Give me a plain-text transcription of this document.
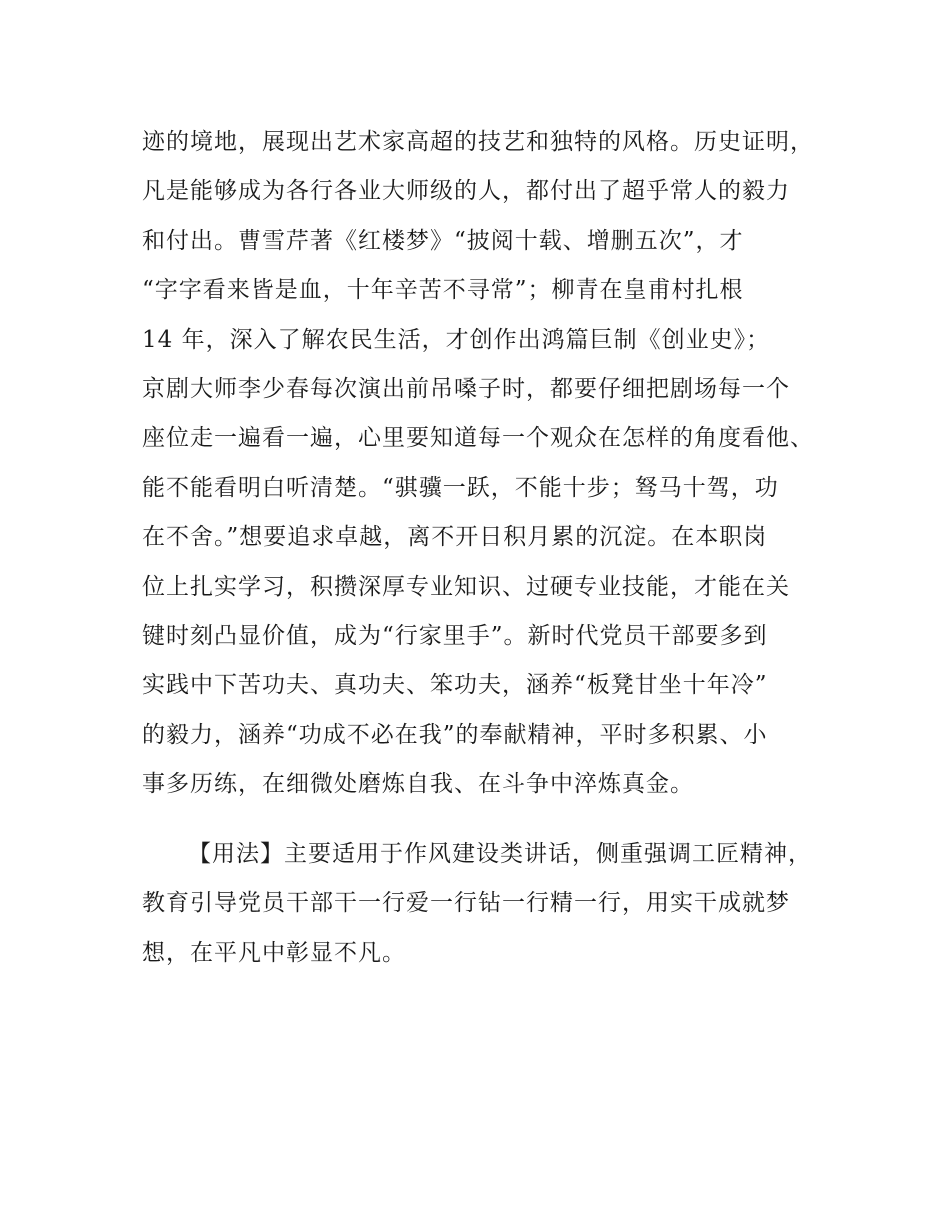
迹的境地，展现出艺术家高超的技艺和独特的风格。历史证明，
凡是能够成为各行各业大师级的人，都付出了超乎常人的毅力
和付出。曹雪芹著《红楼梦》“披阅十载、增删五次”，才
“字字看来皆是血，十年辛苦不寻常”；柳青在皇甫村扎根
14 年，深入了解农民生活，才创作出鸿篇巨制《创业史》；
京剧大师李少春每次演出前吊嗓子时，都要仔细把剧场每一个
座位走一遍看一遍，心里要知道每一个观众在怎样的角度看他、
能不能看明白听清楚。“骐骥一跃，不能十步；驽马十驾，功
在不舍。”想要追求卓越，离不开日积月累的沉淀。在本职岗
位上扎实学习，积攒深厚专业知识、过硬专业技能，才能在关
键时刻凸显价值，成为“行家里手”。新时代党员干部要多到
实践中下苦功夫、真功夫、笨功夫，涵养“板凳甘坐十年冷”
的毅力，涵养“功成不必在我”的奉献精神，平时多积累、小
事多历练，在细微处磨炼自我、在斗争中淬炼真金。
【用法】主要适用于作风建设类讲话，侧重强调工匠精神，
教育引导党员干部干一行爱一行钻一行精一行，用实干成就梦
想，在平凡中彰显不凡。
